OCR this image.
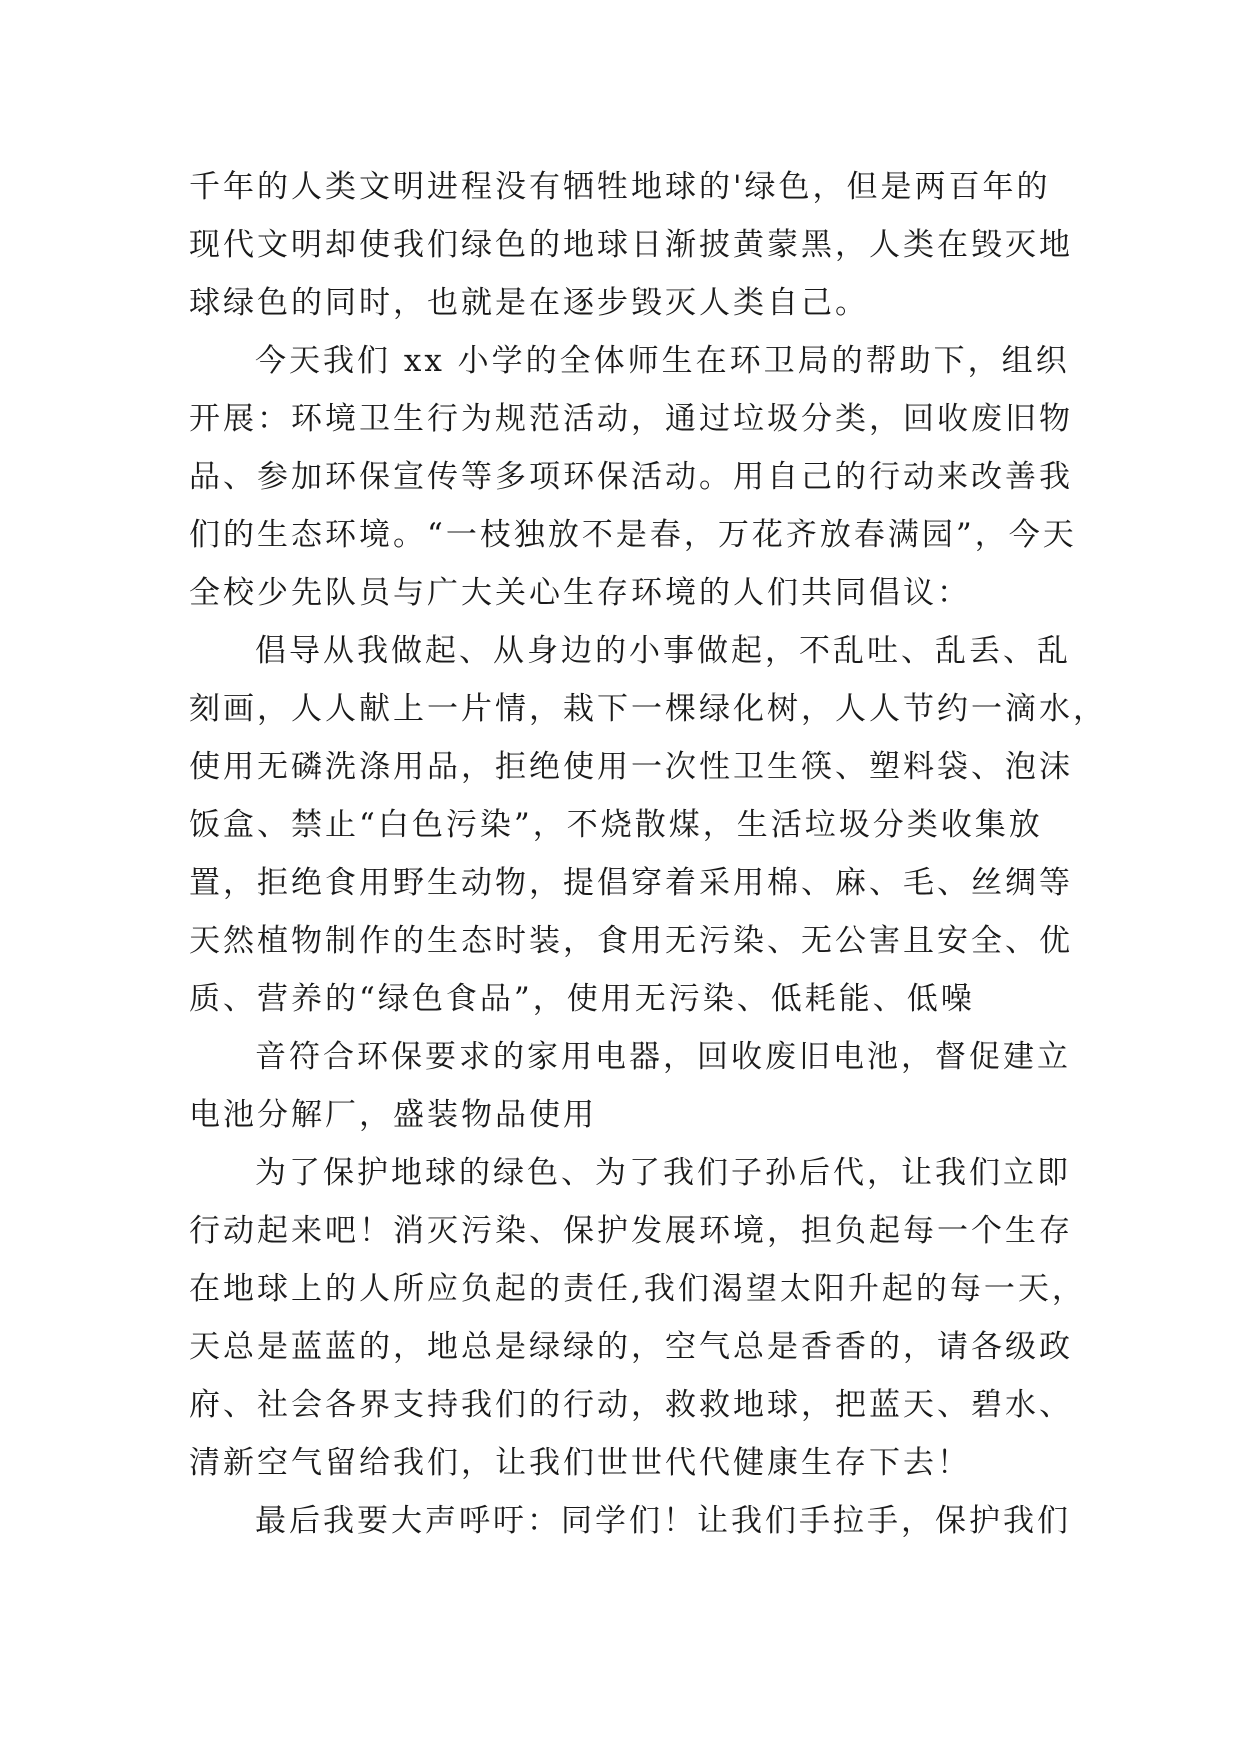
千年的人类文明进程没有牺牲地球的'绿色，但是两百年的
现代文明却使我们绿色的地球日渐披黄蒙黑，人类在毁灭地
球绿色的同时，也就是在逐步毁灭人类自己。
今天我们 xx 小学的全体师生在环卫局的帮助下，组织
开展：环境卫生行为规范活动，通过垃圾分类，回收废旧物
品、参加环保宣传等多项环保活动。用自己的行动来改善我
们的生态环境。“一枝独放不是春，万花齐放春满园”，今天
全校少先队员与广大关心生存环境的人们共同倡议：
倡导从我做起、从身边的小事做起，不乱吐、乱丢、乱
刻画，人人献上一片情，栽下一棵绿化树，人人节约一滴水，
使用无磷洗涤用品，拒绝使用一次性卫生筷、塑料袋、泡沫
饭盒、禁止“白色污染”，不烧散煤，生活垃圾分类收集放
置，拒绝食用野生动物，提倡穿着采用棉、麻、毛、丝绸等
天然植物制作的生态时装，食用无污染、无公害且安全、优
质、营养的“绿色食品”，使用无污染、低耗能、低噪
音符合环保要求的家用电器，回收废旧电池，督促建立
电池分解厂，盛装物品使用
为了保护地球的绿色、为了我们子孙后代，让我们立即
行动起来吧！消灭污染、保护发展环境，担负起每一个生存
在地球上的人所应负起的责任,我们渴望太阳升起的每一天，
天总是蓝蓝的，地总是绿绿的，空气总是香香的，请各级政
府、社会各界支持我们的行动，救救地球，把蓝天、碧水、
清新空气留给我们，让我们世世代代健康生存下去！
最后我要大声呼吁：同学们！让我们手拉手，保护我们
